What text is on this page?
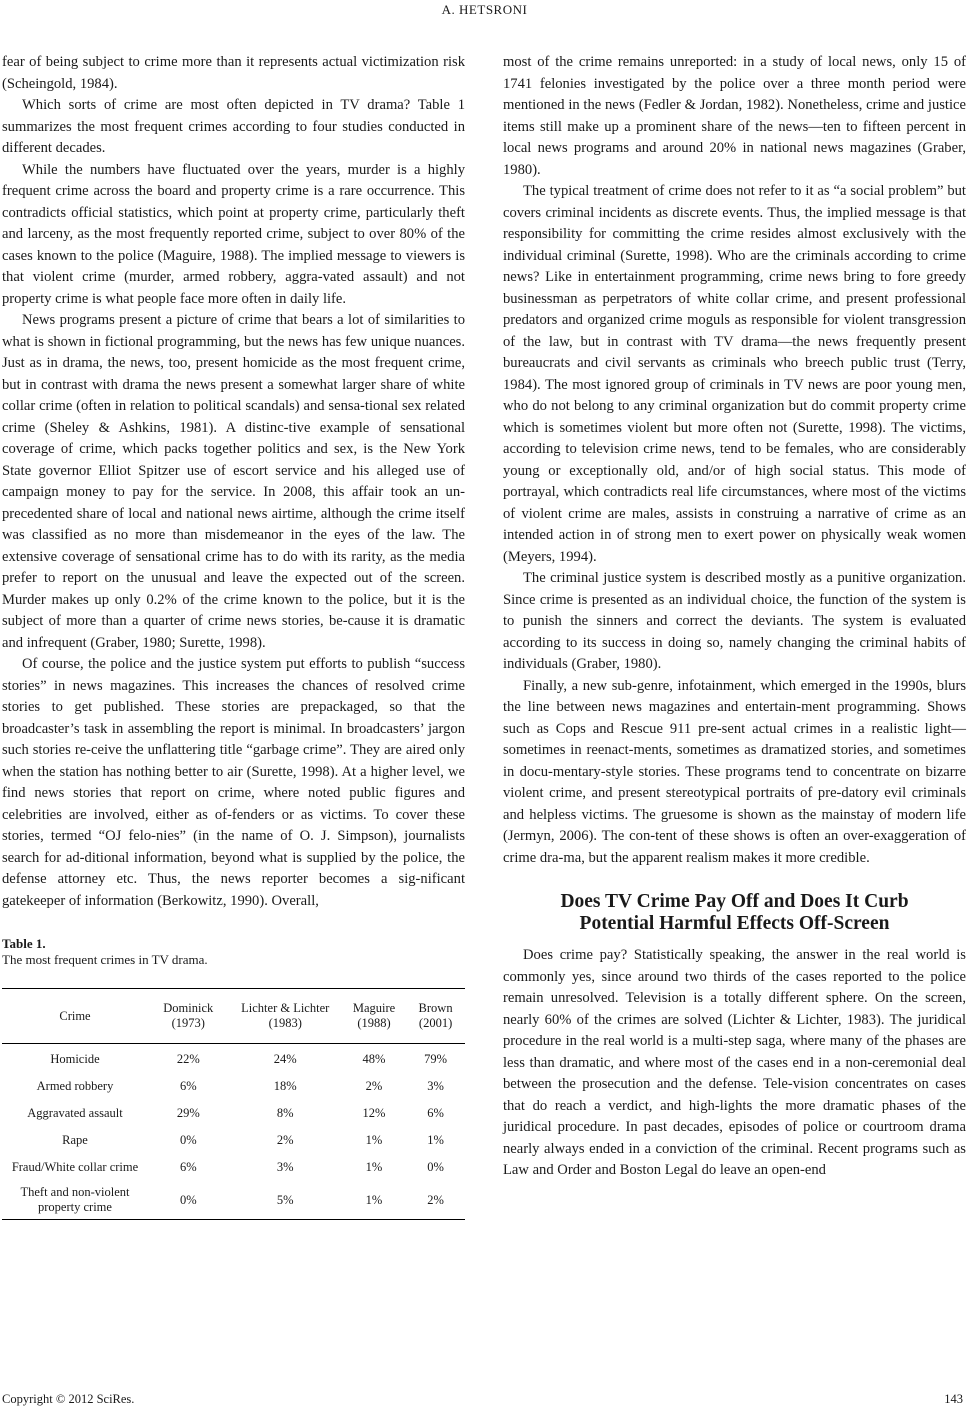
A. HETSRONI

fear of being subject to crime more than it represents actual victimization risk (Scheingold, 1984).

Which sorts of crime are most often depicted in TV drama? Table 1 summarizes the most frequent crimes according to four studies conducted in different decades.

While the numbers have fluctuated over the years, murder is a highly frequent crime across the board and property crime is a rare occurrence. This contradicts official statistics, which point at property crime, particularly theft and larceny, as the most frequently reported crime, subject to over 80% of the cases known to the police (Maguire, 1988). The implied message to viewers is that violent crime (murder, armed robbery, aggra-vated assault) and not property crime is what people face more often in daily life.

News programs present a picture of crime that bears a lot of similarities to what is shown in fictional programming, but the news has few unique nuances. Just as in drama, the news, too, present homicide as the most frequent crime, but in contrast with drama the news present a somewhat larger share of white collar crime (often in relation to political scandals) and sensa-tional sex related crime (Sheley & Ashkins, 1981). A distinc-tive example of sensational coverage of crime, which packs together politics and sex, is the New York State governor Elliot Spitzer use of escort service and his alleged use of campaign money to pay for the service. In 2008, this affair took an un-precedented share of local and national news airtime, although the crime itself was classified as no more than misdemeanor in the eyes of the law. The extensive coverage of sensational crime has to do with its rarity, as the media prefer to report on the unusual and leave the expected out of the screen. Murder makes up only 0.2% of the crime known to the police, but it is the subject of more than a quarter of crime news stories, be-cause it is dramatic and infrequent (Graber, 1980; Surette, 1998).

Of course, the police and the justice system put efforts to publish “success stories” in news magazines. This increases the chances of resolved crime stories to get published. These stories are prepackaged, so that the broadcaster’s task in assembling the report is minimal. In broadcasters’ jargon such stories re-ceive the unflattering title “garbage crime”. They are aired only when the station has nothing better to air (Surette, 1998). At a higher level, we find news stories that report on crime, where noted public figures and celebrities are involved, either as of-fenders or as victims. To cover these stories, termed “OJ felo-nies” (in the name of O. J. Simpson), journalists search for ad-ditional information, beyond what is supplied by the police, the defense attorney etc. Thus, the news reporter becomes a sig-nificant gatekeeper of information (Berkowitz, 1990). Overall,

Table 1.
The most frequent crimes in TV drama.
Crime	Dominick (1973)	Lichter & Lichter (1983)	Maguire (1988)	Brown (2001)
Homicide	22%	24%	48%	79%
Armed robbery	6%	18%	2%	3%
Aggravated assault	29%	8%	12%	6%
Rape	0%	2%	1%	1%
Fraud/White collar crime	6%	3%	1%	0%
Theft and non-violent property crime	0%	5%	1%	2%

most of the crime remains unreported: in a study of local news, only 15 of 1741 felonies investigated by the police over a three month period were mentioned in the news (Fedler & Jordan, 1982). Nonetheless, crime and justice items still make up a prominent share of the news—ten to fifteen percent in local news programs and around 20% in national news magazines (Graber, 1980).

The typical treatment of crime does not refer to it as “a social problem” but covers criminal incidents as discrete events. Thus, the implied message is that responsibility for committing the crime resides almost exclusively with the individual criminal (Surette, 1998). Who are the criminals according to crime news? Like in entertainment programming, crime news bring to fore greedy businessman as perpetrators of white collar crime, and present professional predators and organized crime moguls as responsible for violent transgression of the law, but in contrast with TV drama—the news frequently present bureaucrats and civil servants as criminals who breech public trust (Terry, 1984). The most ignored group of criminals in TV news are poor young men, who do not belong to any criminal organization but do commit property crime which is sometimes violent but more often not (Surette, 1998). The victims, according to television crime news, tend to be females, who are considerably young or exceptionally old, and/or of high social status. This mode of portrayal, which contradicts real life circumstances, where most of the victims of violent crime are males, assists in construing a narrative of crime as an intended action in of strong men to exert power on physically weak women (Meyers, 1994).

The criminal justice system is described mostly as a punitive organization. Since crime is presented as an individual choice, the function of the system is to punish the sinners and correct the deviants. The system is evaluated according to its success in doing so, namely changing the criminal habits of individuals (Graber, 1980).

Finally, a new sub-genre, infotainment, which emerged in the 1990s, blurs the line between news magazines and entertain-ment programming. Shows such as Cops and Rescue 911 pre-sent actual crimes in a realistic light—sometimes in reenact-ments, sometimes as dramatized stories, and sometimes in docu-mentary-style stories. These programs tend to concentrate on bizarre violent crime, and present stereotypical portraits of pre-datory evil criminals and helpless victims. The gruesome is shown as the mainstay of modern life (Jermyn, 2006). The con-tent of these shows is often an over-exaggeration of crime dra-ma, but the apparent realism makes it more credible.

Does TV Crime Pay Off and Does It Curb
Potential Harmful Effects Off-Screen

Does crime pay? Statistically speaking, the answer in the real world is commonly yes, since around two thirds of the cases reported to the police remain unresolved. Television is a totally different sphere. On the screen, nearly 60% of the crimes are solved (Lichter & Lichter, 1983). The juridical procedure in the real world is a multi-step saga, where many of the phases are less than dramatic, and where most of the cases end in a non-ceremonial deal between the prosecution and the defense. Tele-vision concentrates on cases that do reach a verdict, and high-lights the more dramatic phases of the juridical procedure. In past decades, episodes of police or courtroom drama nearly always ended in a conviction of the criminal. Recent programs such as Law and Order and Boston Legal do leave an open-end

Copyright © 2012 SciRes.	143
